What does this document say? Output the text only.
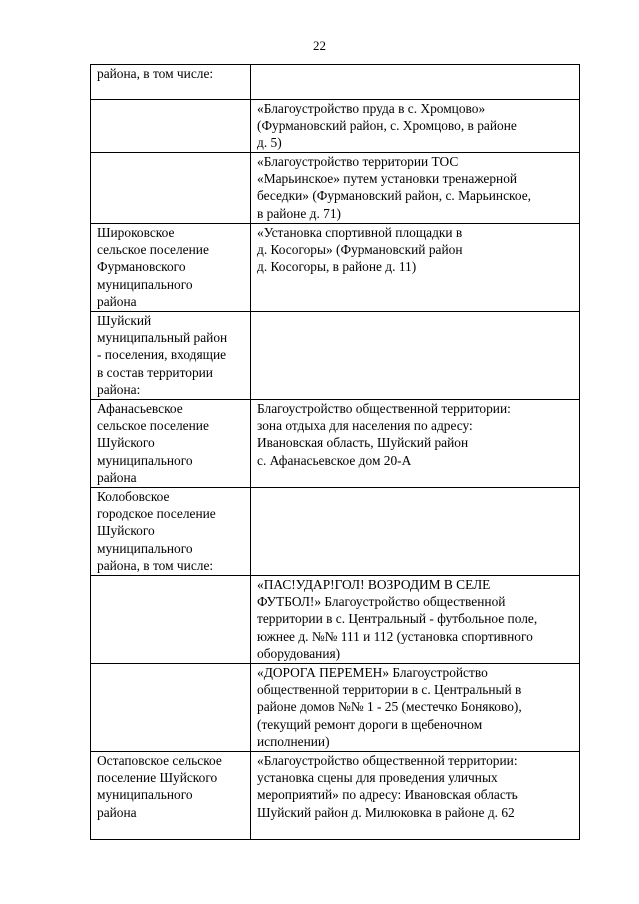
22
района, в том числе:	

	«Благоустройство пруда в с. Хромцово»
(Фурмановский район, с. Хромцово, в районе
д. 5)

	«Благоустройство территории ТОС
«Марьинское» путем установки тренажерной
беседки» (Фурмановский район, с. Марьинское,
в районе д. 71)

Широковское
сельское поселение
Фурмановского
муниципального
района	«Установка спортивной площадки в
д. Косогоры» (Фурмановский район
д. Косогоры, в районе д. 11)

Шуйский
муниципальный район
- поселения, входящие
в состав территории
района:	

Афанасьевское
сельское поселение
Шуйского
муниципального
района	Благоустройство общественной территории:
зона отдыха для населения по адресу:
Ивановская область, Шуйский район
с. Афанасьевское дом 20-А

Колобовское
городское поселение
Шуйского
муниципального
района, в том числе:	

	«ПАС!УДАР!ГОЛ! ВОЗРОДИМ В СЕЛЕ
ФУТБОЛ!» Благоустройство общественной
территории в с. Центральный - футбольное поле,
южнее д. №№ 111 и 112 (установка спортивного
оборудования)

	«ДОРОГА ПЕРЕМЕН» Благоустройство
общественной территории в с. Центральный в
районе домов №№ 1 - 25 (местечко Боняково),
(текущий ремонт дороги в щебеночном
исполнении)

Остаповское сельское
поселение Шуйского
муниципального
района	«Благоустройство общественной территории:
установка сцены для проведения уличных
мероприятий» по адресу: Ивановская область
Шуйский район д. Милюковка в районе д. 62
